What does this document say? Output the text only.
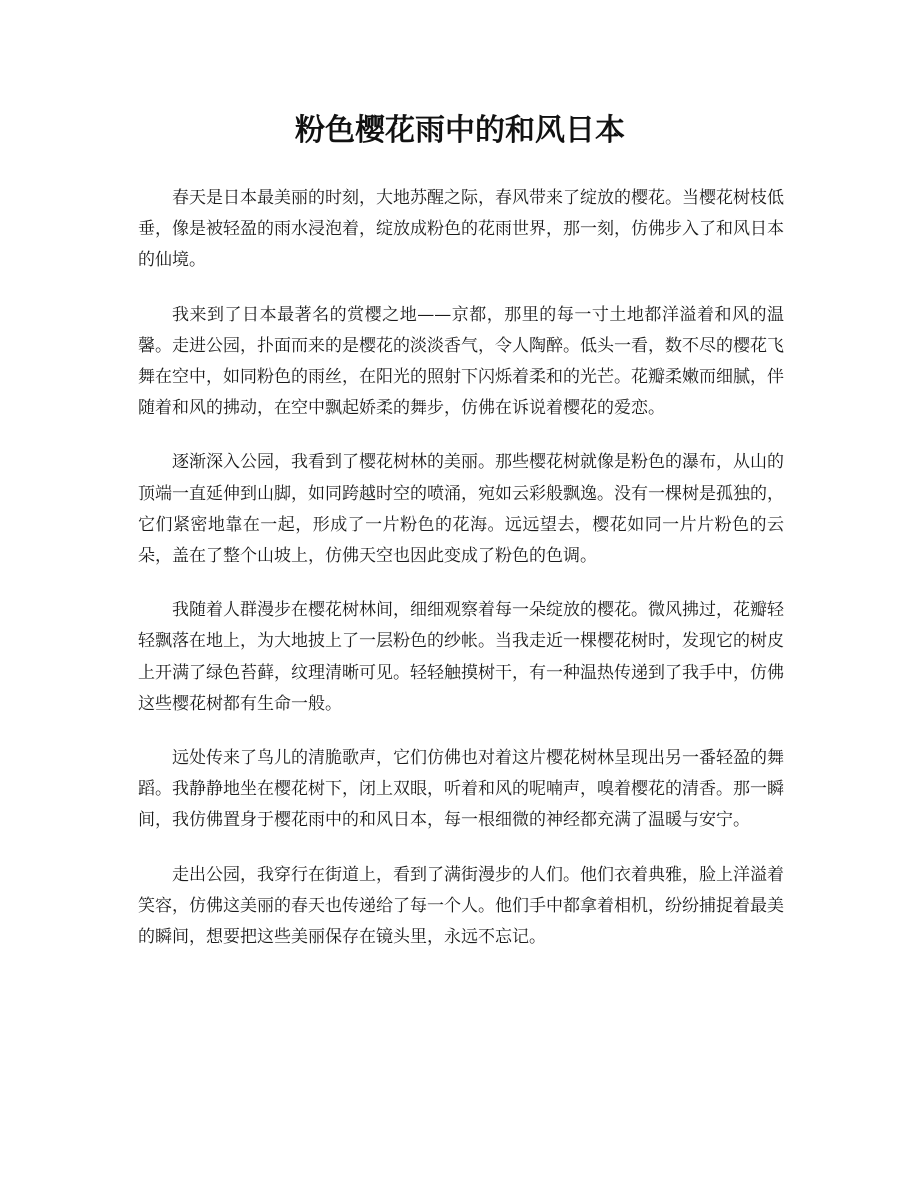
粉色樱花雨中的和风日本

春天是日本最美丽的时刻，大地苏醒之际，春风带来了绽放的樱花。当樱花树枝低垂，像是被轻盈的雨水浸泡着，绽放成粉色的花雨世界，那一刻，仿佛步入了和风日本的仙境。

我来到了日本最著名的赏樱之地——京都，那里的每一寸土地都洋溢着和风的温馨。走进公园，扑面而来的是樱花的淡淡香气，令人陶醉。低头一看，数不尽的樱花飞舞在空中，如同粉色的雨丝，在阳光的照射下闪烁着柔和的光芒。花瓣柔嫩而细腻，伴随着和风的拂动，在空中飘起娇柔的舞步，仿佛在诉说着樱花的爱恋。

逐渐深入公园，我看到了樱花树林的美丽。那些樱花树就像是粉色的瀑布，从山的顶端一直延伸到山脚，如同跨越时空的喷涌，宛如云彩般飘逸。没有一棵树是孤独的，它们紧密地靠在一起，形成了一片粉色的花海。远远望去，樱花如同一片片粉色的云朵，盖在了整个山坡上，仿佛天空也因此变成了粉色的色调。

我随着人群漫步在樱花树林间，细细观察着每一朵绽放的樱花。微风拂过，花瓣轻轻飘落在地上，为大地披上了一层粉色的纱帐。当我走近一棵樱花树时，发现它的树皮上开满了绿色苔藓，纹理清晰可见。轻轻触摸树干，有一种温热传递到了我手中，仿佛这些樱花树都有生命一般。

远处传来了鸟儿的清脆歌声，它们仿佛也对着这片樱花树林呈现出另一番轻盈的舞蹈。我静静地坐在樱花树下，闭上双眼，听着和风的呢喃声，嗅着樱花的清香。那一瞬间，我仿佛置身于樱花雨中的和风日本，每一根细微的神经都充满了温暖与安宁。

走出公园，我穿行在街道上，看到了满街漫步的人们。他们衣着典雅，脸上洋溢着笑容，仿佛这美丽的春天也传递给了每一个人。他们手中都拿着相机，纷纷捕捉着最美的瞬间，想要把这些美丽保存在镜头里，永远不忘记。
